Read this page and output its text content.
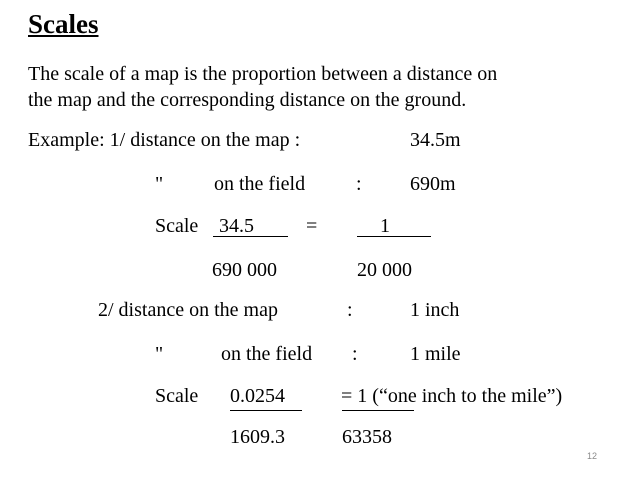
Scales
The scale of a map is the proportion between a distance on
the map and the corresponding distance on the ground.
Example: 1/ distance on the map :	34.5m
"	on the field	: 690m
Scale 34.5	=	1
690 000	20 000
2/ distance on the map	:	1 inch
"	on the field :	1 mile
Scale 0.0254	= 1 (“one inch to the mile”)
1609.3	63358
12
